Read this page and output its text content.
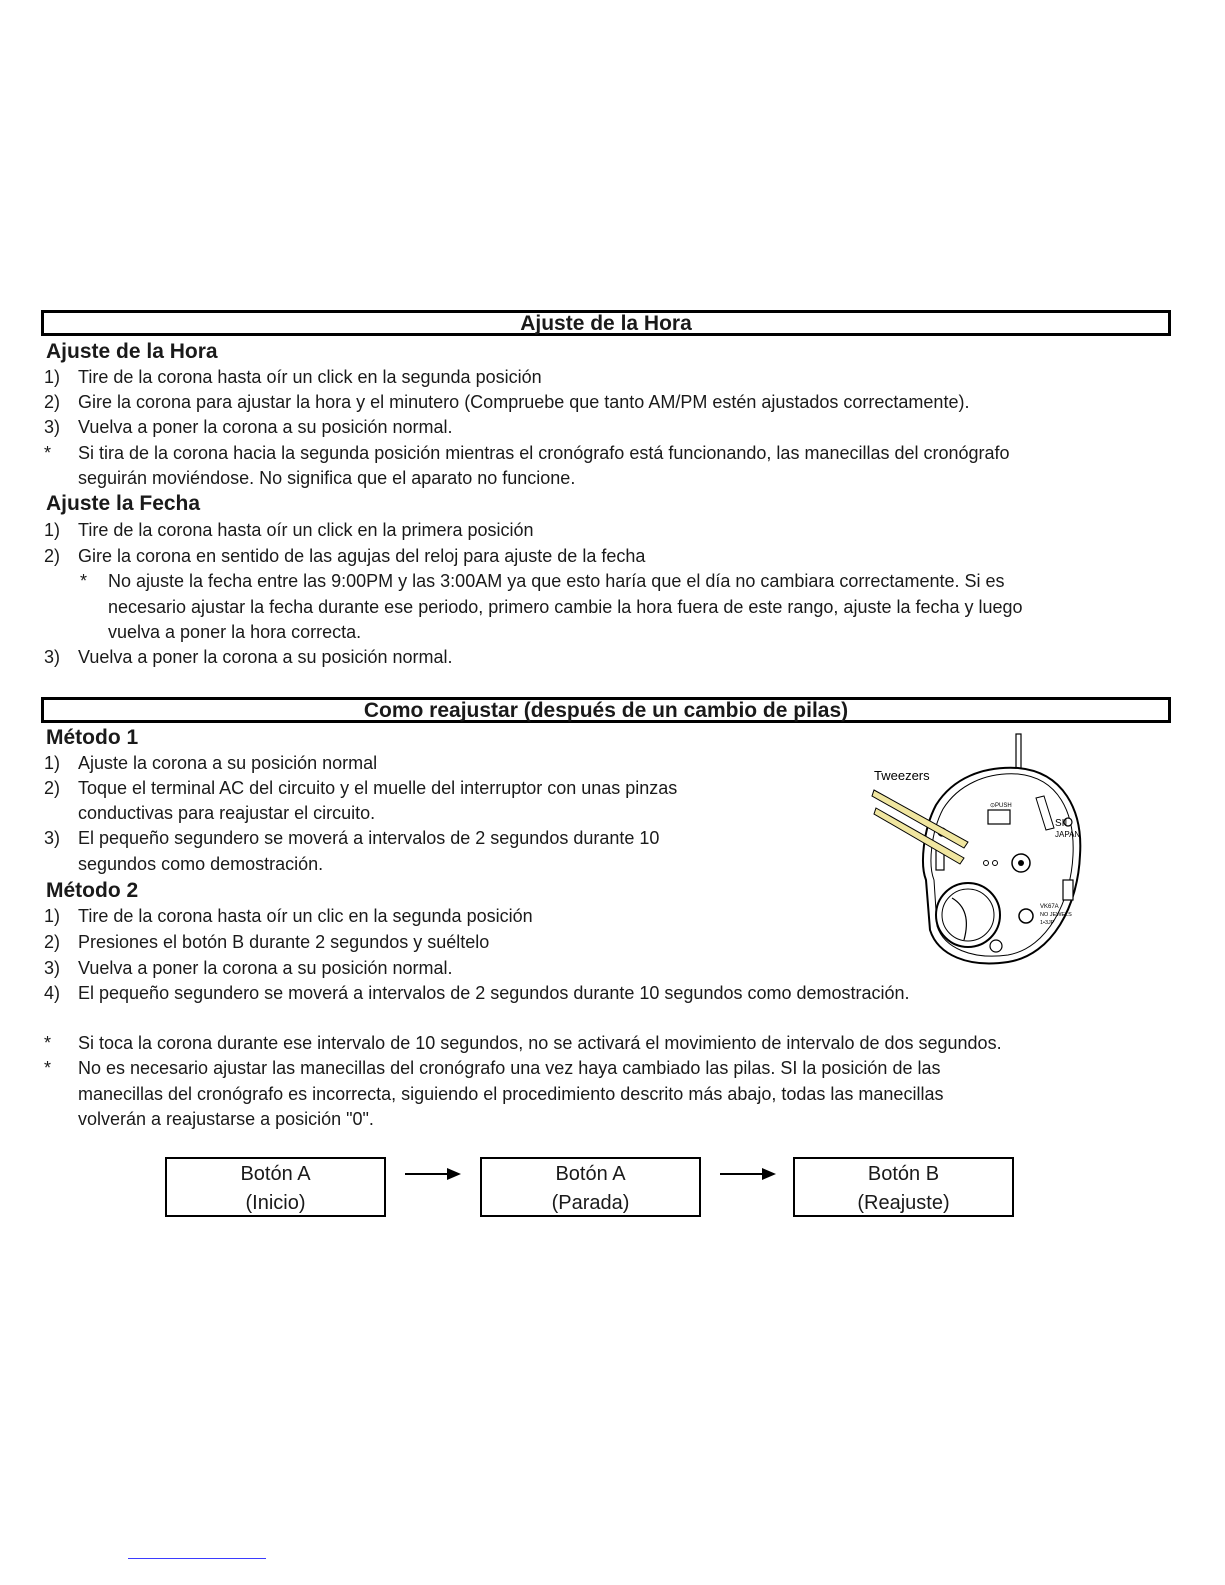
Ajuste de la Hora
Ajuste de la Hora
1) Tire de la corona hasta oír un click en la segunda posición
2) Gire la corona para ajustar la hora y el minutero (Compruebe que tanto AM/PM estén ajustados correctamente).
3) Vuelva a poner la corona a su posición normal.
* Si tira de la corona hacia la segunda posición mientras el cronógrafo está funcionando, las manecillas del cronógrafo
seguirán moviéndose. No significa que el aparato no funcione.
Ajuste la Fecha
1) Tire de la corona hasta oír un click en la primera posición
2) Gire la corona en sentido de las agujas del reloj para ajuste de la fecha
* No ajuste la fecha entre las 9:00PM y las 3:00AM ya que esto haría que el día no cambiara correctamente. Si es
necesario ajustar la fecha durante ese periodo, primero cambie la hora fuera de este rango, ajuste la fecha y luego
vuelva a poner la hora correcta.
3) Vuelva a poner la corona a su posición normal.
Como reajustar (después de un cambio de pilas)
Método 1
1) Ajuste la corona a su posición normal
2) Toque el terminal AC del circuito y el muelle del interruptor con unas pinzas
conductivas para reajustar el circuito.
3) El pequeño segundero se moverá a intervalos de 2 segundos durante 10
segundos como demostración.
Método 2
1) Tire de la corona hasta oír un clic en la segunda posición
2) Presiones el botón B durante 2 segundos y suéltelo
3) Vuelva a poner la corona a su posición normal.
4) El pequeño segundero se moverá a intervalos de 2 segundos durante 10 segundos como demostración.
* Si toca la corona durante ese intervalo de 10 segundos, no se activará el movimiento de intervalo de dos segundos.
* No es necesario ajustar las manecillas del cronógrafo una vez haya cambiado las pilas. SI la posición de las
manecillas del cronógrafo es incorrecta, siguiendo el procedimiento descrito más abajo, todas las manecillas
volverán a reajustarse a posición "0".
Tweezers
⊙PUSH
SII
JAPAN
VK67A
NO JEWELS
1•3JP
Botón A
(Inicio)
Botón A
(Parada)
Botón B
(Reajuste)
